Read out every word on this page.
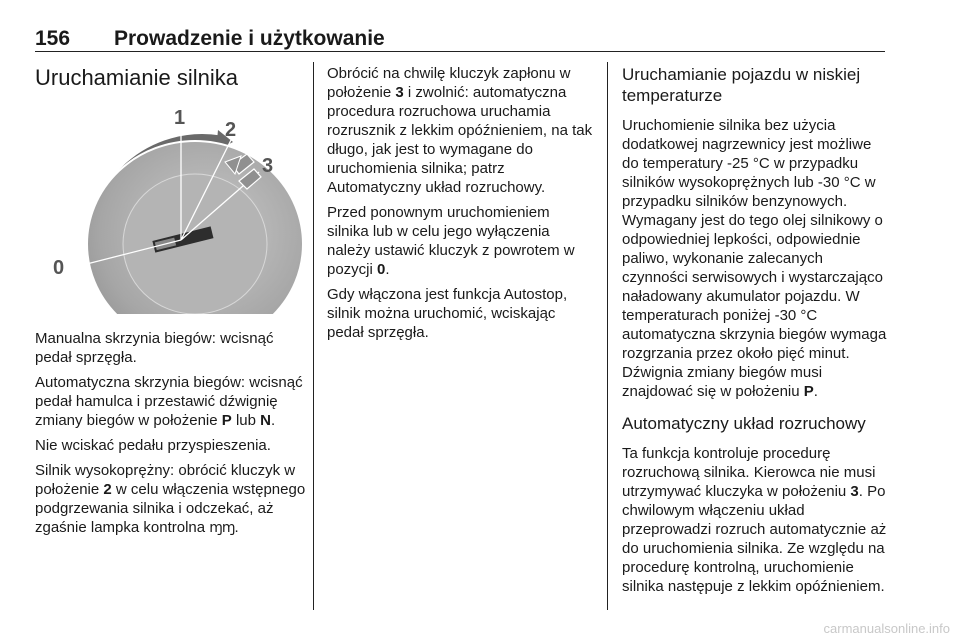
156 Prowadzenie i użytkowanie
Uruchamianie silnika
0
1
2
3

Manualna skrzynia biegów: wcisnąć pedał sprzęgła.

Automatyczna skrzynia biegów: wcisnąć pedał hamulca i przestawić dźwignię zmiany biegów w położenie P lub N.

Nie wciskać pedału przyspieszenia.

Silnik wysokoprężny: obrócić kluczyk w położenie 2 w celu włączenia wstępnego podgrzewania silnika i odczekać, aż zgaśnie lampka kontrolna ɱɱ.

Obrócić na chwilę kluczyk zapłonu w położenie 3 i zwolnić: automatyczna procedura rozruchowa uruchamia rozrusznik z lekkim opóźnieniem, na tak długo, jak jest to wymagane do uruchomienia silnika; patrz Automatyczny układ rozruchowy.

Przed ponownym uruchomieniem silnika lub w celu jego wyłączenia należy ustawić kluczyk z powrotem w pozycji 0.

Gdy włączona jest funkcja Autostop, silnik można uruchomić, wciskając pedał sprzęgła.

Uruchamianie pojazdu w niskiej temperaturze

Uruchomienie silnika bez użycia dodatkowej nagrzewnicy jest możliwe do temperatury -25 °C w przypadku silników wysokoprężnych lub -30 °C w przypadku silników benzynowych. Wymagany jest do tego olej silnikowy o odpowiedniej lepkości, odpowiednie paliwo, wykonanie zalecanych czynności serwisowych i wystarczająco naładowany akumulator pojazdu. W temperaturach poniżej -30 °C automatyczna skrzynia biegów wymaga rozgrzania przez około pięć minut. Dźwignia zmiany biegów musi znajdować się w położeniu P.

Automatyczny układ rozruchowy

Ta funkcja kontroluje procedurę rozruchową silnika. Kierowca nie musi utrzymywać kluczyka w położeniu 3. Po chwilowym włączeniu układ przeprowadzi rozruch automatycznie aż do uruchomienia silnika. Ze względu na procedurę kontrolną, uruchomienie silnika następuje z lekkim opóźnieniem.

carmanualsonline.info
